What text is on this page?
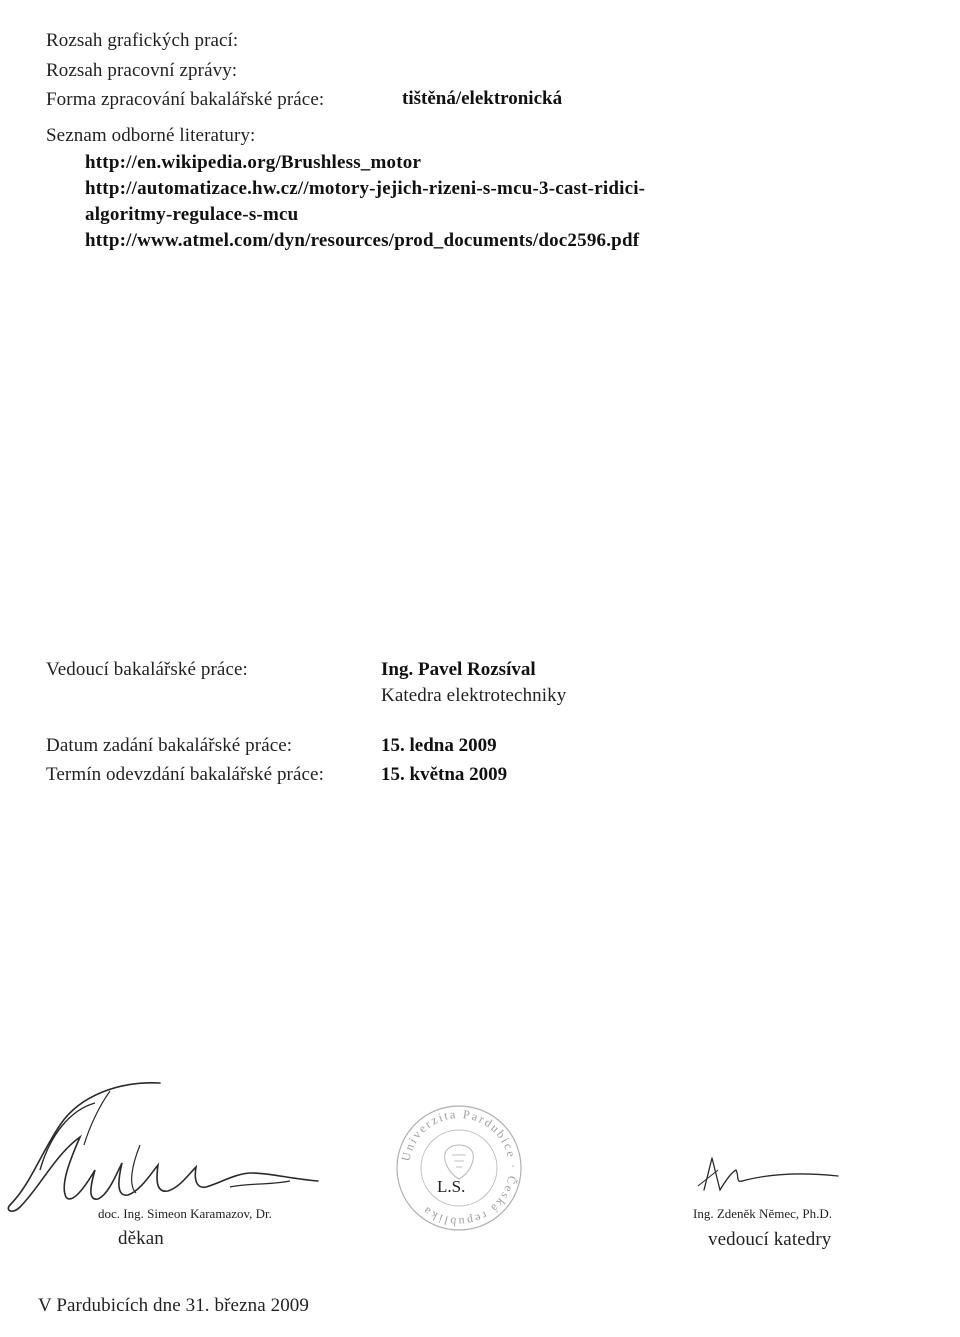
Rozsah grafických prací:
Rozsah pracovní zprávy:
Forma zpracování bakalářské práce:	tištěná/elektronická
Seznam odborné literatury:
http://en.wikipedia.org/Brushless_motor
http://automatizace.hw.cz//motory-jejich-rizeni-s-mcu-3-cast-ridici-
algoritmy-regulace-s-mcu
http://www.atmel.com/dyn/resources/prod_documents/doc2596.pdf
Vedoucí bakalářské práce:	Ing. Pavel Rozsíval
Katedra elektrotechniky
Datum zadání bakalářské práce:	15. ledna 2009
Termín odevzdání bakalářské práce:	15. května 2009
doc. Ing. Simeon Karamazov, Dr.
děkan
Univerzita Pardubice · Česká republika
L.S.
Ing. Zdeněk Němec, Ph.D.
vedoucí katedry
V Pardubicích dne 31. března 2009
